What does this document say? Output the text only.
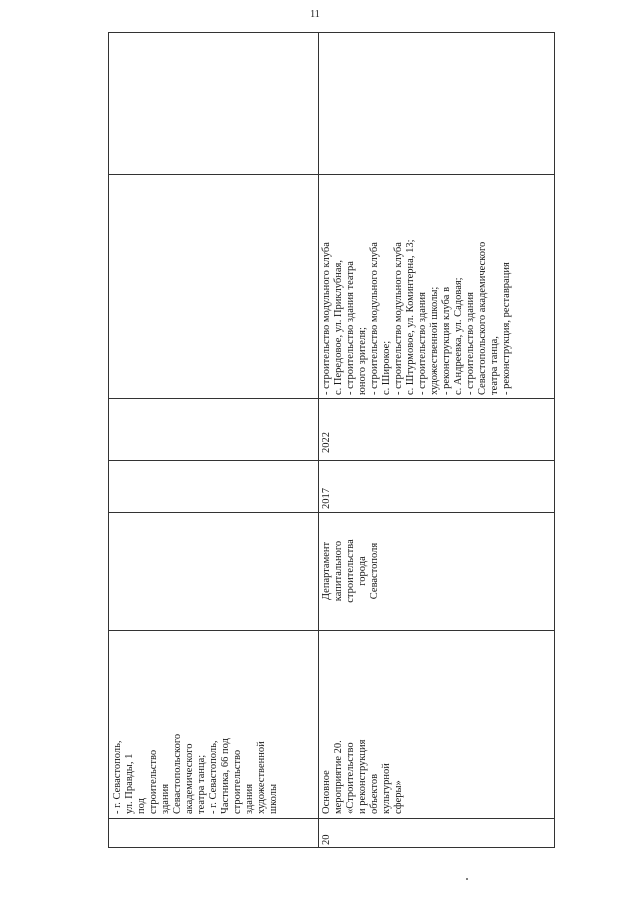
11
- г. Севастополь,
ул. Правды, 1
под
строительство
здания
Севастопольского
академического
театра танца;
- г. Севастополь,
Частника, 66 под
строительство
здания
художественной
школы	Основное
мероприятие 20.
«Строительство
и реконструкция
объектов
культурной
сферы»
Департамент
капитального
строительства
города
Севастополя
2017
2022
- строительство модульного клуба
с. Передовое, ул. Приклубная,
- строительство здания театра
юного зрителя;
- строительство модульного клуба
с. Широкое;
- строительство модульного клуба
с. Штурмовое, ул. Коминтерна, 13;
- строительство здания
художественной школы;
- реконструкция клуба в
с. Андреевка, ул. Садовая;
- строительство здания
Севастопольского академического
театра танца,
- реконструкция, реставрация
20
